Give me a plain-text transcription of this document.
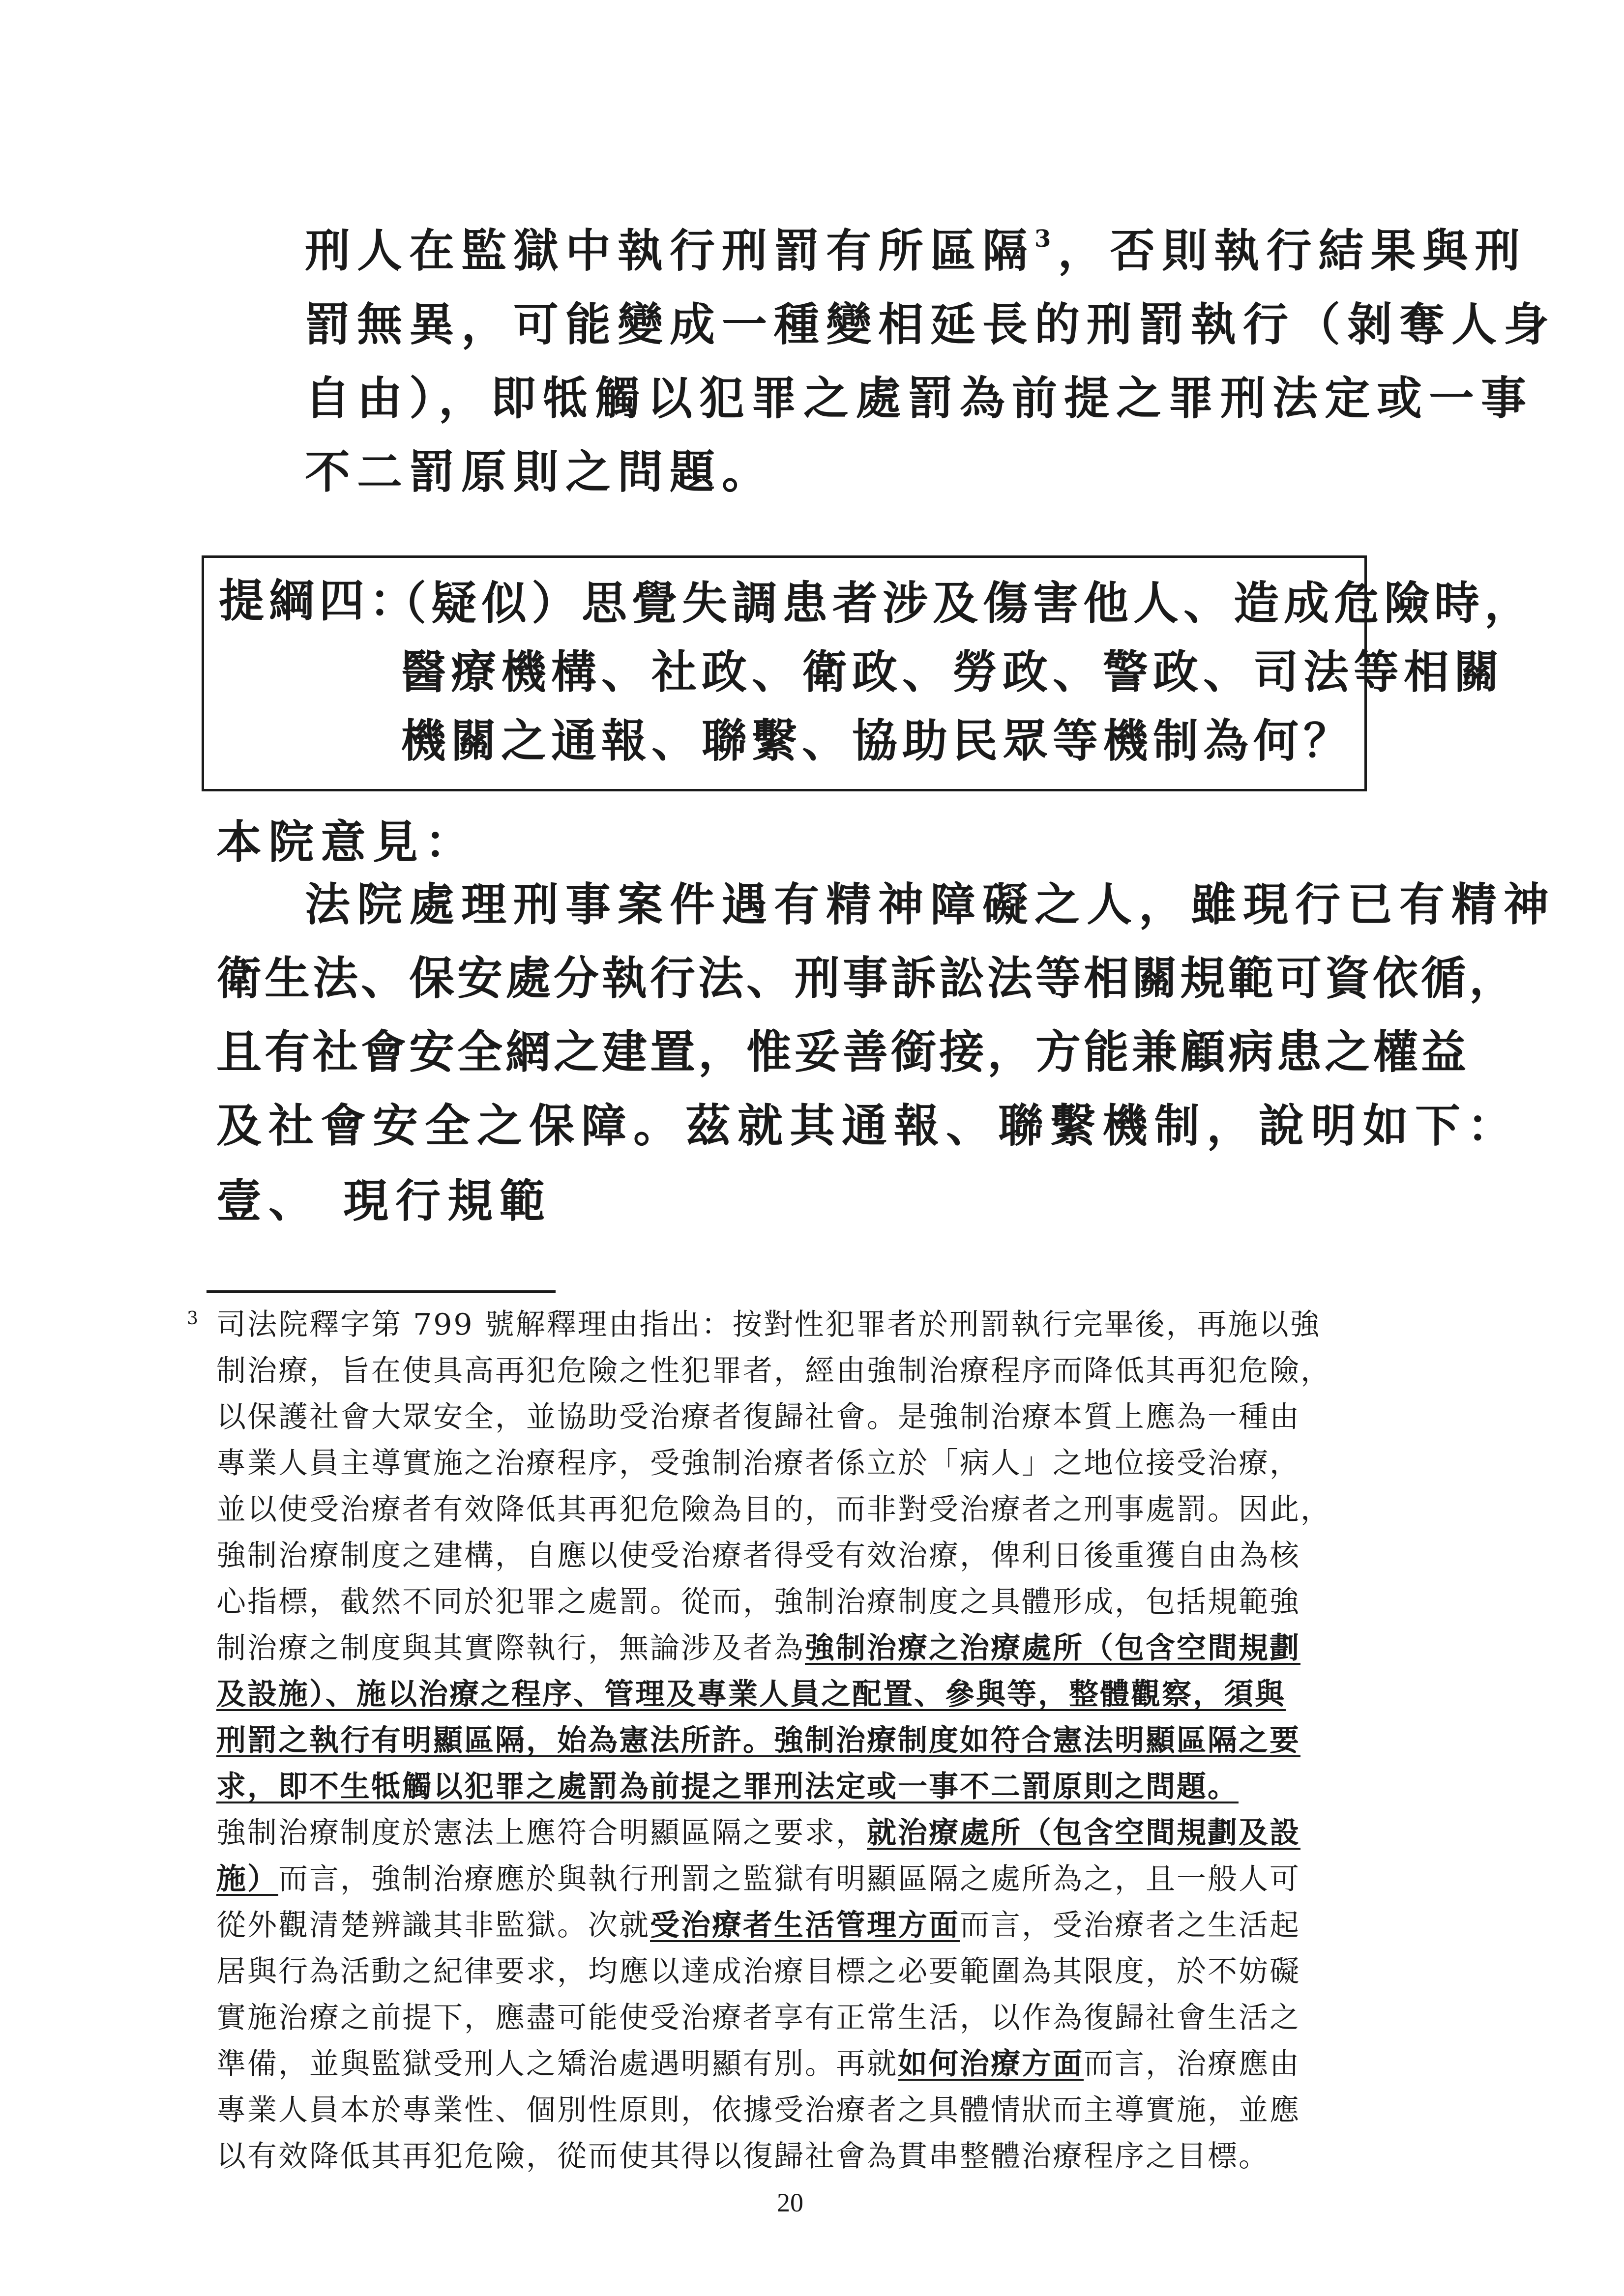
刑人在監獄中執行刑罰有所區隔$^3$，否則執行結果與刑
罰無異，可能變成一種變相延長的刑罰執行（剝奪人身
自由），即牴觸以犯罪之處罰為前提之罪刑法定或一事
不二罰原則之問題。
提綱四：
（疑似）思覺失調患者涉及傷害他人、造成危險時，
醫療機構、社政、衛政、勞政、警政、司法等相關
機關之通報、聯繫、協助民眾等機制為何？
本院意見：
法院處理刑事案件遇有精神障礙之人，雖現行已有精神
衛生法、保安處分執行法、刑事訴訟法等相關規範可資依循，
且有社會安全網之建置，惟妥善銜接，方能兼顧病患之權益
及社會安全之保障。茲就其通報、聯繫機制，說明如下：
壹、 現行規範
3 司法院釋字第 799 號解釋理由指出：按對性犯罪者於刑罰執行完畢後，再施以強
制治療，旨在使具高再犯危險之性犯罪者，經由強制治療程序而降低其再犯危險，
以保護社會大眾安全，並協助受治療者復歸社會。是強制治療本質上應為一種由
專業人員主導實施之治療程序，受強制治療者係立於「病人」之地位接受治療，
並以使受治療者有效降低其再犯危險為目的，而非對受治療者之刑事處罰。因此，
強制治療制度之建構，自應以使受治療者得受有效治療，俾利日後重獲自由為核
心指標，截然不同於犯罪之處罰。從而，強制治療制度之具體形成，包括規範強
制治療之制度與其實際執行，無論涉及者為強制治療之治療處所（包含空間規劃
及設施）、施以治療之程序、管理及專業人員之配置、參與等，整體觀察，須與
刑罰之執行有明顯區隔，始為憲法所許。強制治療制度如符合憲法明顯區隔之要
求，即不生牴觸以犯罪之處罰為前提之罪刑法定或一事不二罰原則之問題。
強制治療制度於憲法上應符合明顯區隔之要求，就治療處所（包含空間規劃及設
施）而言，強制治療應於與執行刑罰之監獄有明顯區隔之處所為之，且一般人可
從外觀清楚辨識其非監獄。次就受治療者生活管理方面而言，受治療者之生活起
居與行為活動之紀律要求，均應以達成治療目標之必要範圍為其限度，於不妨礙
實施治療之前提下，應盡可能使受治療者享有正常生活，以作為復歸社會生活之
準備，並與監獄受刑人之矯治處遇明顯有別。再就如何治療方面而言，治療應由
專業人員本於專業性、個別性原則，依據受治療者之具體情狀而主導實施，並應
以有效降低其再犯危險，從而使其得以復歸社會為貫串整體治療程序之目標。
20
